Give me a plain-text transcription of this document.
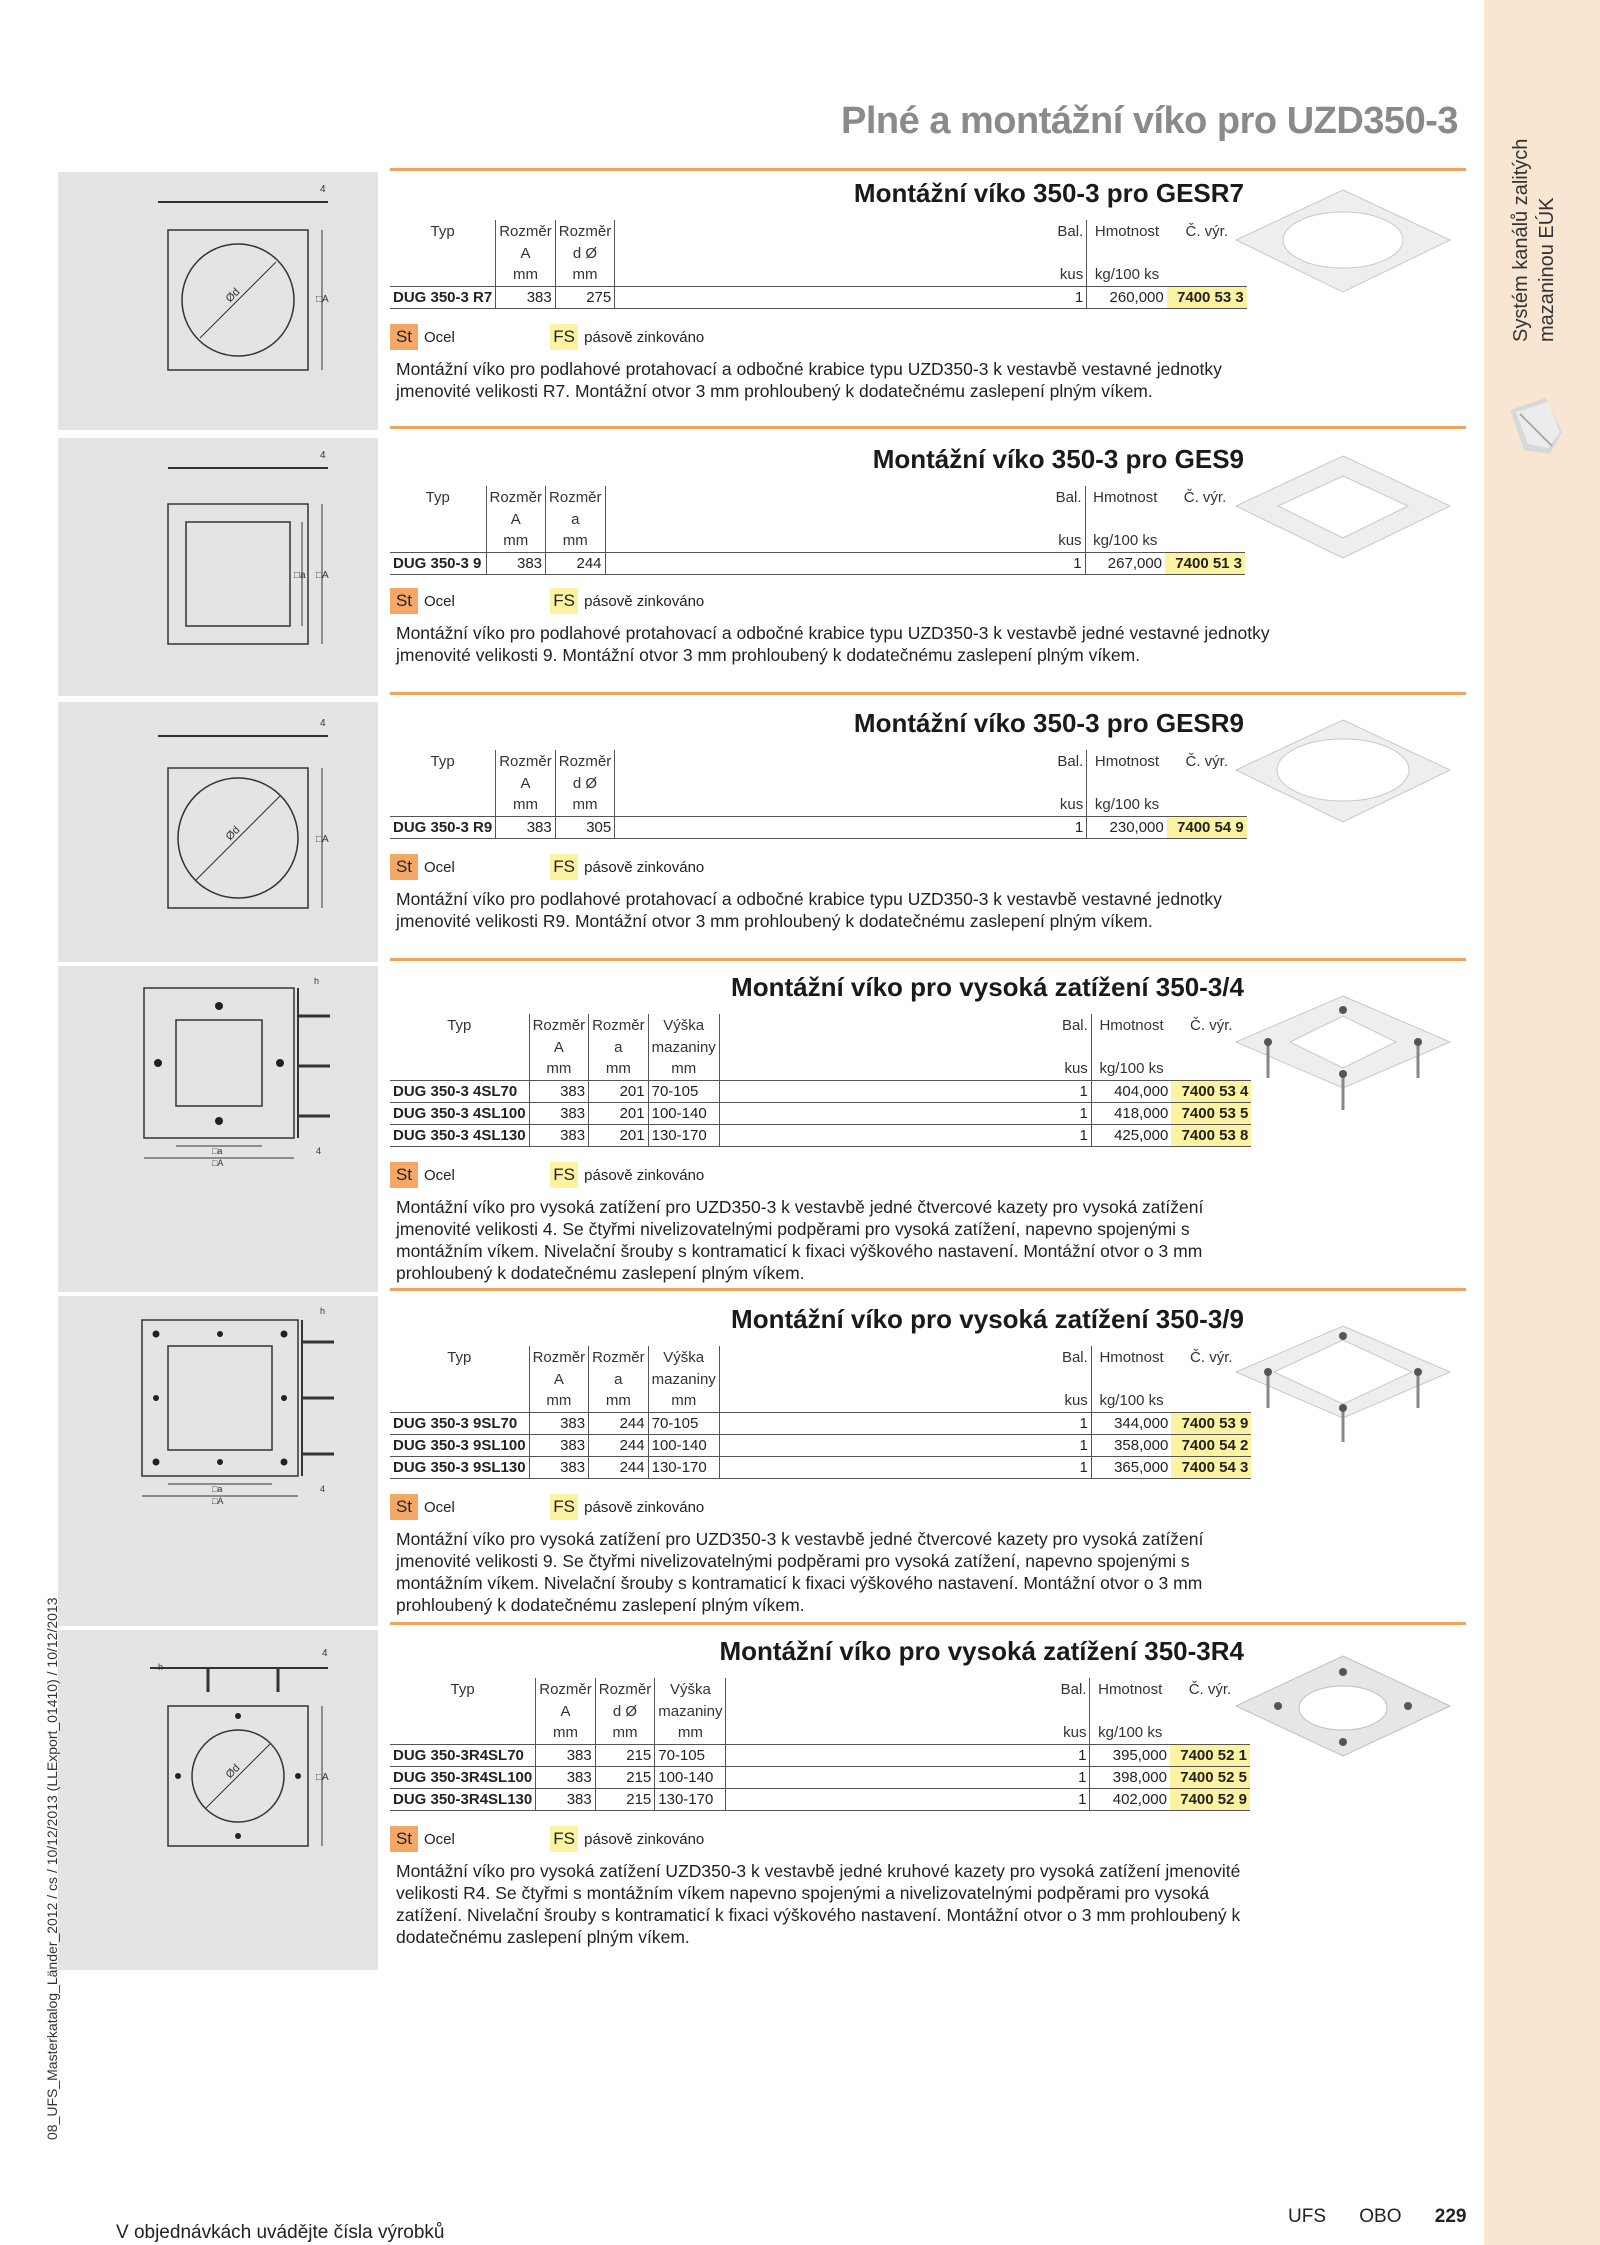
Systém kanálů zalitých mazaninou EÚK
Plné a montážní víko pro UZD350-3
4
Ød	□A
Montážní víko 350-3 pro GESR7
Typ	Rozměr	Rozměr		Bal.	Hmotnost	Č. výr.
	A	d Ø				
	mm	mm		kus	kg/100 ks	
DUG 350-3 R7	383	275		1	260,000	7400 53 3
St Ocel	FS pásově zinkováno
Montážní víko pro podlahové protahovací a odbočné krabice typu UZD350-3 k vestavbě vestavné jednotky jmenovité velikosti R7. Montážní otvor 3 mm prohloubený k dodatečnému zaslepení plným víkem.
4
□a □A
Montážní víko 350-3 pro GES9
Typ	Rozměr	Rozměr		Bal.	Hmotnost	Č. výr.
	A	a				
	mm	mm		kus	kg/100 ks	
DUG 350-3 9	383	244		1	267,000	7400 51 3
St Ocel	FS pásově zinkováno
Montážní víko pro podlahové protahovací a odbočné krabice typu UZD350-3 k vestavbě jedné vestavné jednotky jmenovité velikosti 9. Montážní otvor 3 mm prohloubený k dodatečnému zaslepení plným víkem.
4
Ød	□A
Montážní víko 350-3 pro GESR9
Typ	Rozměr	Rozměr		Bal.	Hmotnost	Č. výr.
	A	d Ø				
	mm	mm		kus	kg/100 ks	
DUG 350-3 R9	383	305		1	230,000	7400 54 9
St Ocel	FS pásově zinkováno
Montážní víko pro podlahové protahovací a odbočné krabice typu UZD350-3 k vestavbě vestavné jednotky jmenovité velikosti R9. Montážní otvor 3 mm prohloubený k dodatečnému zaslepení plným víkem.
h
□a
□A
4
Montážní víko pro vysoká zatížení 350-3/4
Typ	Rozměr	Rozměr	Výška		Bal.	Hmotnost	Č. výr.
	A	a	mazaniny				
	mm	mm	mm		kus	kg/100 ks	
DUG 350-3 4SL70	383	201	70-105		1	404,000	7400 53 4
DUG 350-3 4SL100	383	201	100-140		1	418,000	7400 53 5
DUG 350-3 4SL130	383	201	130-170		1	425,000	7400 53 8
St Ocel	FS pásově zinkováno
Montážní víko pro vysoká zatížení pro UZD350-3 k vestavbě jedné čtvercové kazety pro vysoká zatížení jmenovité velikosti 4. Se čtyřmi nivelizovatelnými podpěrami pro vysoká zatížení, napevno spojenými s montážním víkem. Nivelační šrouby s kontramaticí k fixaci výškového nastavení. Montážní otvor o 3 mm prohloubený k dodatečnému zaslepení plným víkem.
h
□a
□A
4
Montážní víko pro vysoká zatížení 350-3/9
Typ	Rozměr	Rozměr	Výška		Bal.	Hmotnost	Č. výr.
	A	a	mazaniny				
	mm	mm	mm		kus	kg/100 ks	
DUG 350-3 9SL70	383	244	70-105		1	344,000	7400 53 9
DUG 350-3 9SL100	383	244	100-140		1	358,000	7400 54 2
DUG 350-3 9SL130	383	244	130-170		1	365,000	7400 54 3
St Ocel	FS pásově zinkováno
Montážní víko pro vysoká zatížení pro UZD350-3 k vestavbě jedné čtvercové kazety pro vysoká zatížení jmenovité velikosti 9. Se čtyřmi nivelizovatelnými podpěrami pro vysoká zatížení, napevno spojenými s montážním víkem. Nivelační šrouby s kontramaticí k fixaci výškového nastavení. Montážní otvor o 3 mm prohloubený k dodatečnému zaslepení plným víkem.
h
4
Ød	□A
Montážní víko pro vysoká zatížení 350-3R4
Typ	Rozměr	Rozměr	Výška		Bal.	Hmotnost	Č. výr.
	A	d Ø	mazaniny				
	mm	mm	mm		kus	kg/100 ks	
DUG 350-3R4SL70	383	215	70-105		1	395,000	7400 52 1
DUG 350-3R4SL100	383	215	100-140		1	398,000	7400 52 5
DUG 350-3R4SL130	383	215	130-170		1	402,000	7400 52 9
St Ocel	FS pásově zinkováno
Montážní víko pro vysoká zatížení UZD350-3 k vestavbě jedné kruhové kazety pro vysoká zatížení jmenovité velikosti R4. Se čtyřmi s montážním víkem napevno spojenými a nivelizovatelnými podpěrami pro vysoká zatížení. Nivelační šrouby s kontramaticí k fixaci výškového nastavení. Montážní otvor o 3 mm prohloubený k dodatečnému zaslepení plným víkem.
08_UFS_Masterkatalog_Länder_2012 / cs / 10/12/2013 (LLExport_01410) / 10/12/2013
V objednávkách uvádějte čísla výrobků
UFS OBO 229
